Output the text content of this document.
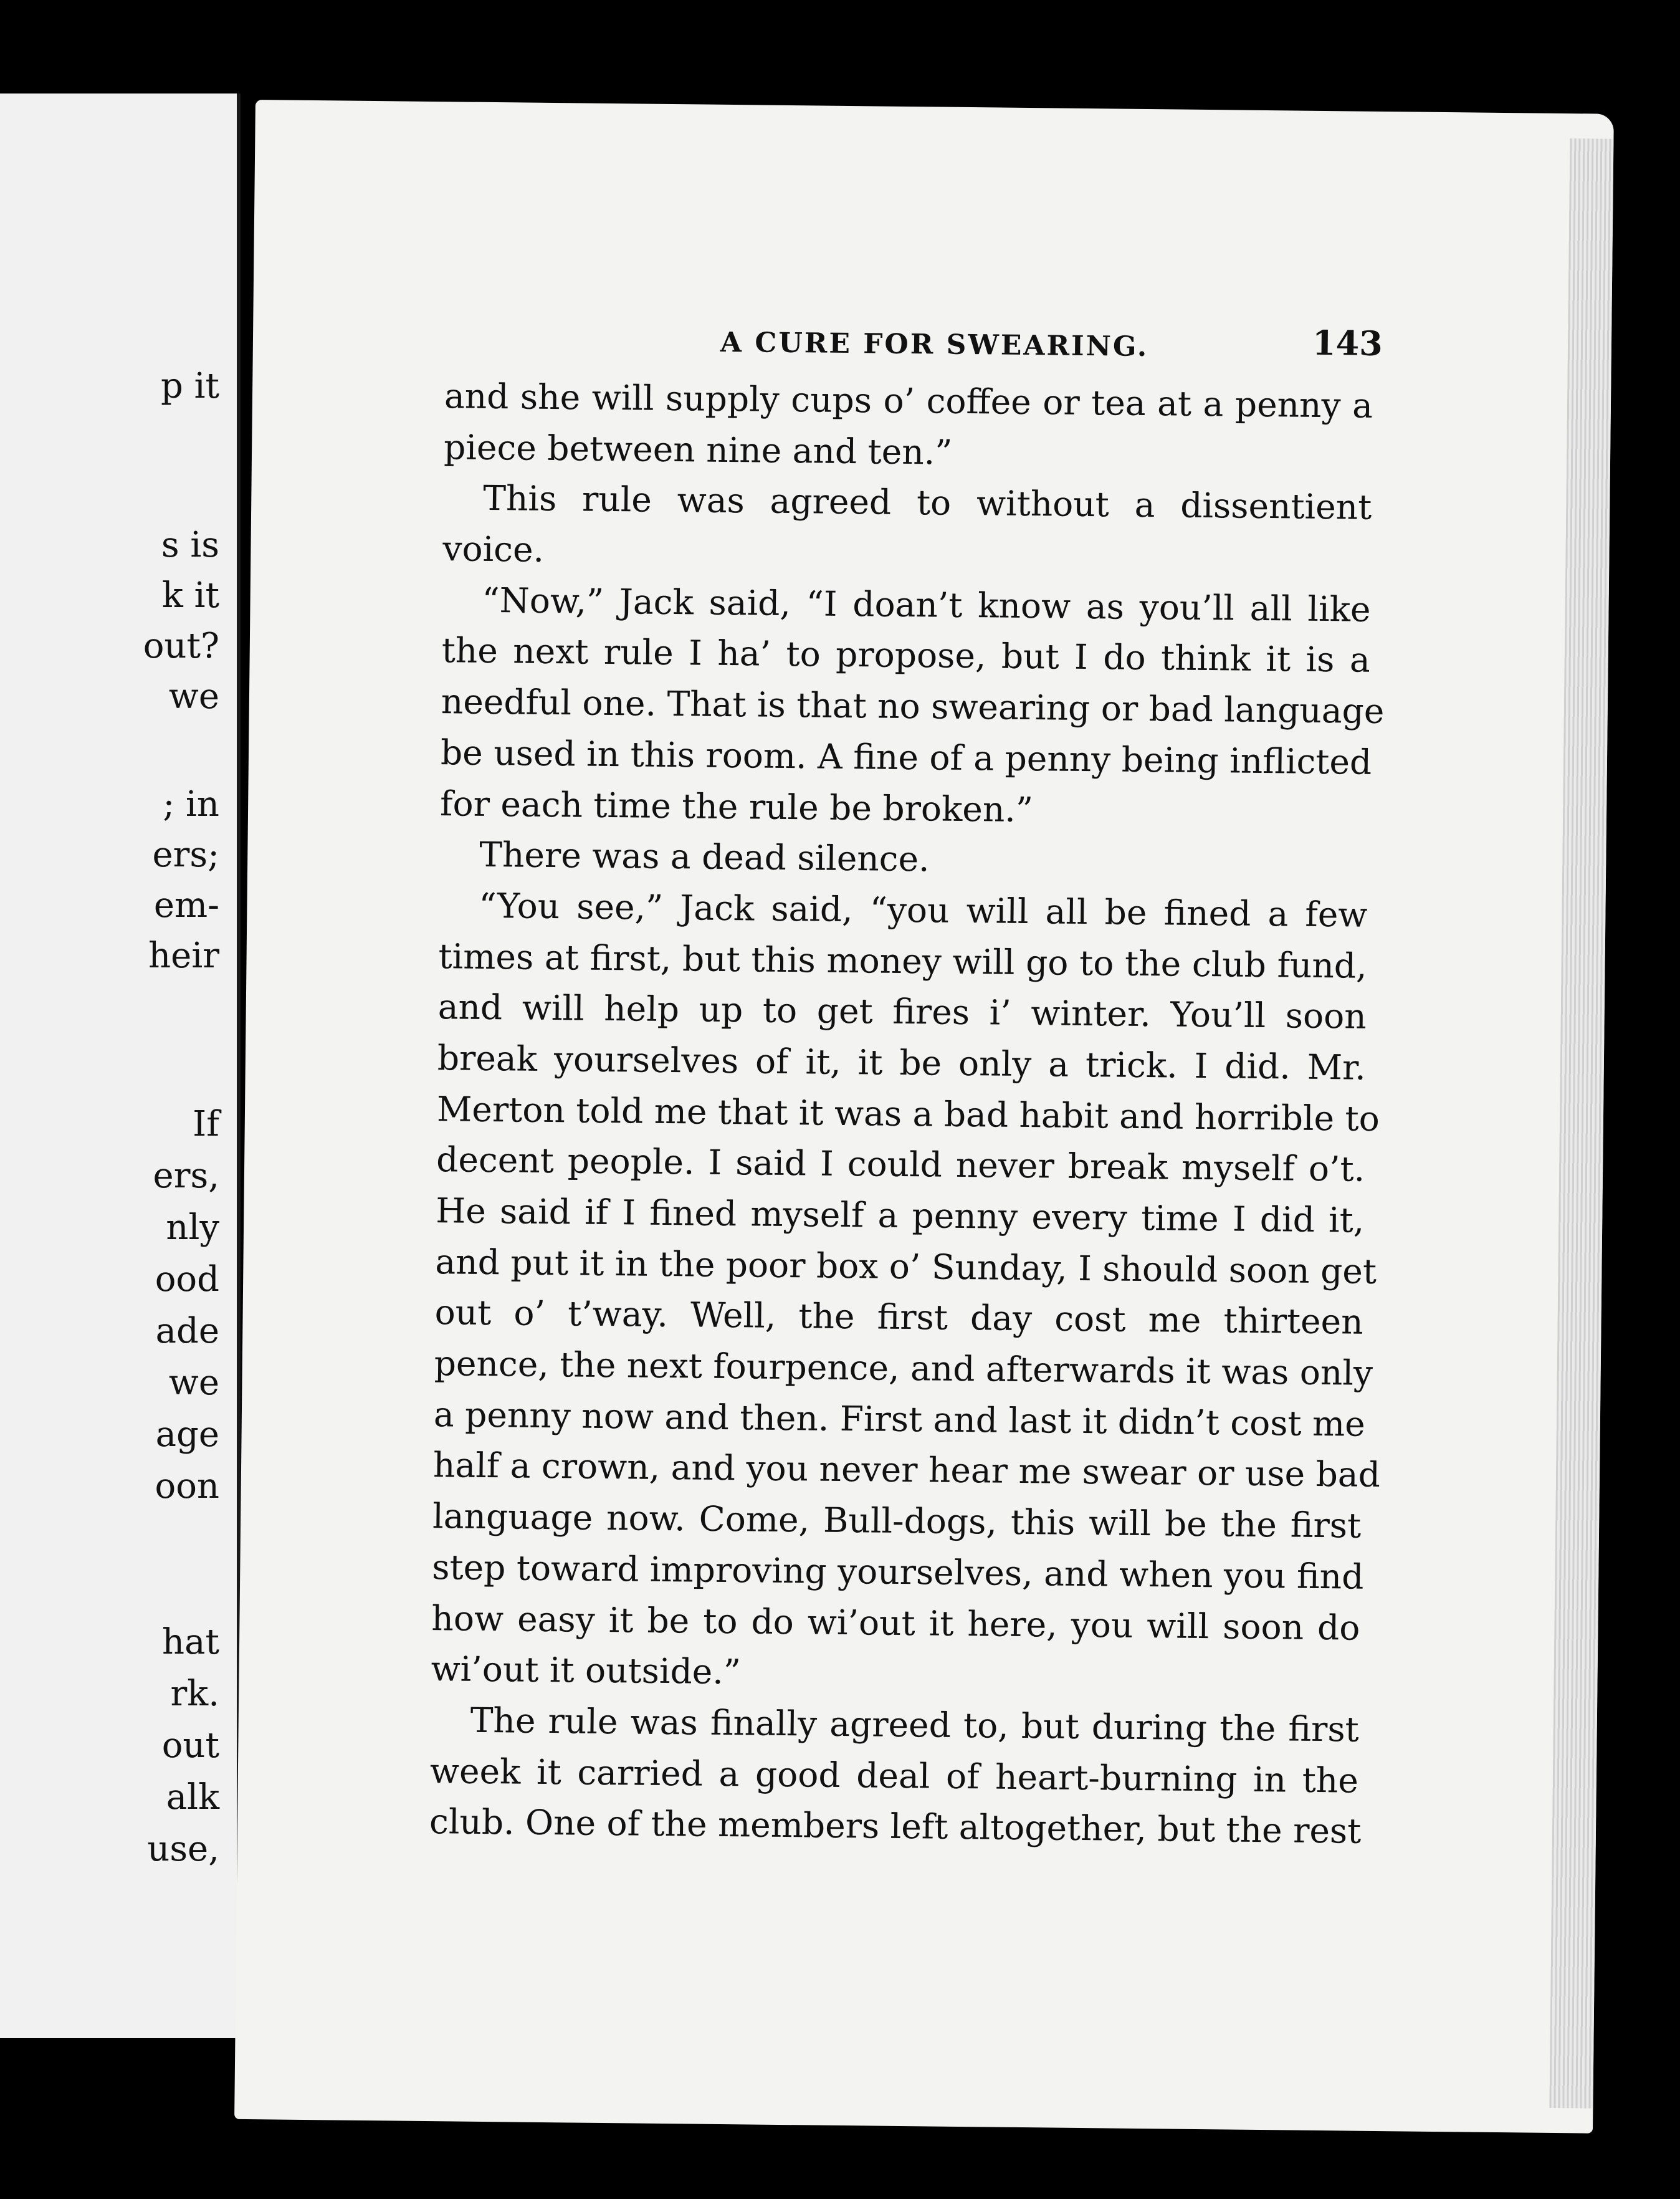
p it
s is
k it
out?
we
; in
ers;
em-
heir
If
ers,
nly
ood
ade
we
age
oon
hat
rk.
out
alk
use,
A CURE FOR SWEARING.	143
and she will supply cups o’ coffee or tea at a penny a
piece between nine and ten.”
This rule was agreed to without a dissentient
voice.
“Now,” Jack said, “I doan’t know as you’ll all like
the next rule I ha’ to propose, but I do think it is a
needful one. That is that no swearing or bad language
be used in this room. A fine of a penny being inflicted
for each time the rule be broken.”
There was a dead silence.
“You see,” Jack said, “you will all be fined a few
times at first, but this money will go to the club fund,
and will help up to get fires i’ winter. You’ll soon
break yourselves of it, it be only a trick. I did. Mr.
Merton told me that it was a bad habit and horrible to
decent people. I said I could never break myself o’t.
He said if I fined myself a penny every time I did it,
and put it in the poor box o’ Sunday, I should soon get
out o’ t’way. Well, the first day cost me thirteen
pence, the next fourpence, and afterwards it was only
a penny now and then. First and last it didn’t cost me
half a crown, and you never hear me swear or use bad
language now. Come, Bull-dogs, this will be the first
step toward improving yourselves, and when you find
how easy it be to do wi’out it here, you will soon do
wi’out it outside.”
The rule was finally agreed to, but during the first
week it carried a good deal of heart-burning in the
club. One of the members left altogether, but the rest
